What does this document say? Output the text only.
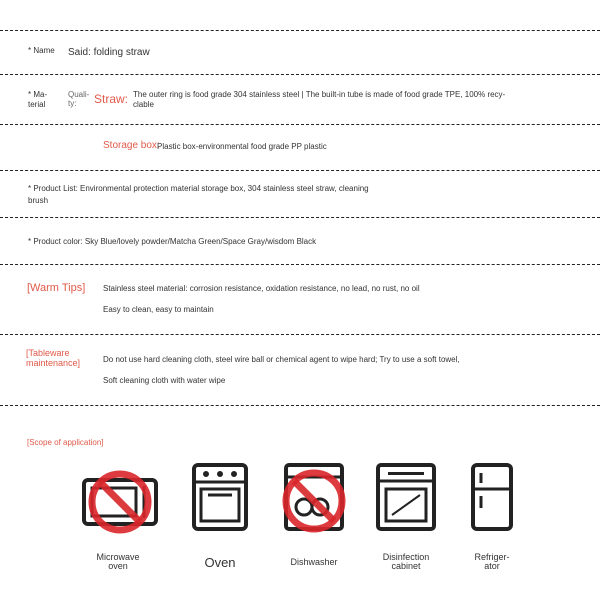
* Name Said: folding straw
* Ma-
terial
Quali-
ty:	Straw: The outer ring is food grade 304 stainless steel | The built-in tube is made of food grade TPE, 100% recy-
clable
Storage box:
Plastic box-environmental food grade PP plastic
* Product List: Environmental protection material storage box, 304 stainless steel straw, cleaning
brush
* Product color: Sky Blue/lovely powder/Matcha Green/Space Gray/wisdom Black
[Warm Tips] Stainless steel material: corrosion resistance, oxidation resistance, no lead, no rust, no oil
Easy to clean, easy to maintain
[Tableware
maintenance]	Do not use hard cleaning cloth, steel wire ball or chemical agent to wipe hard; Try to use a soft towel,
Soft cleaning cloth with water wipe
[Scope of application]
Microwave
oven	Oven	Dishwasher	Disinfection
cabinet
Refriger-
ator
